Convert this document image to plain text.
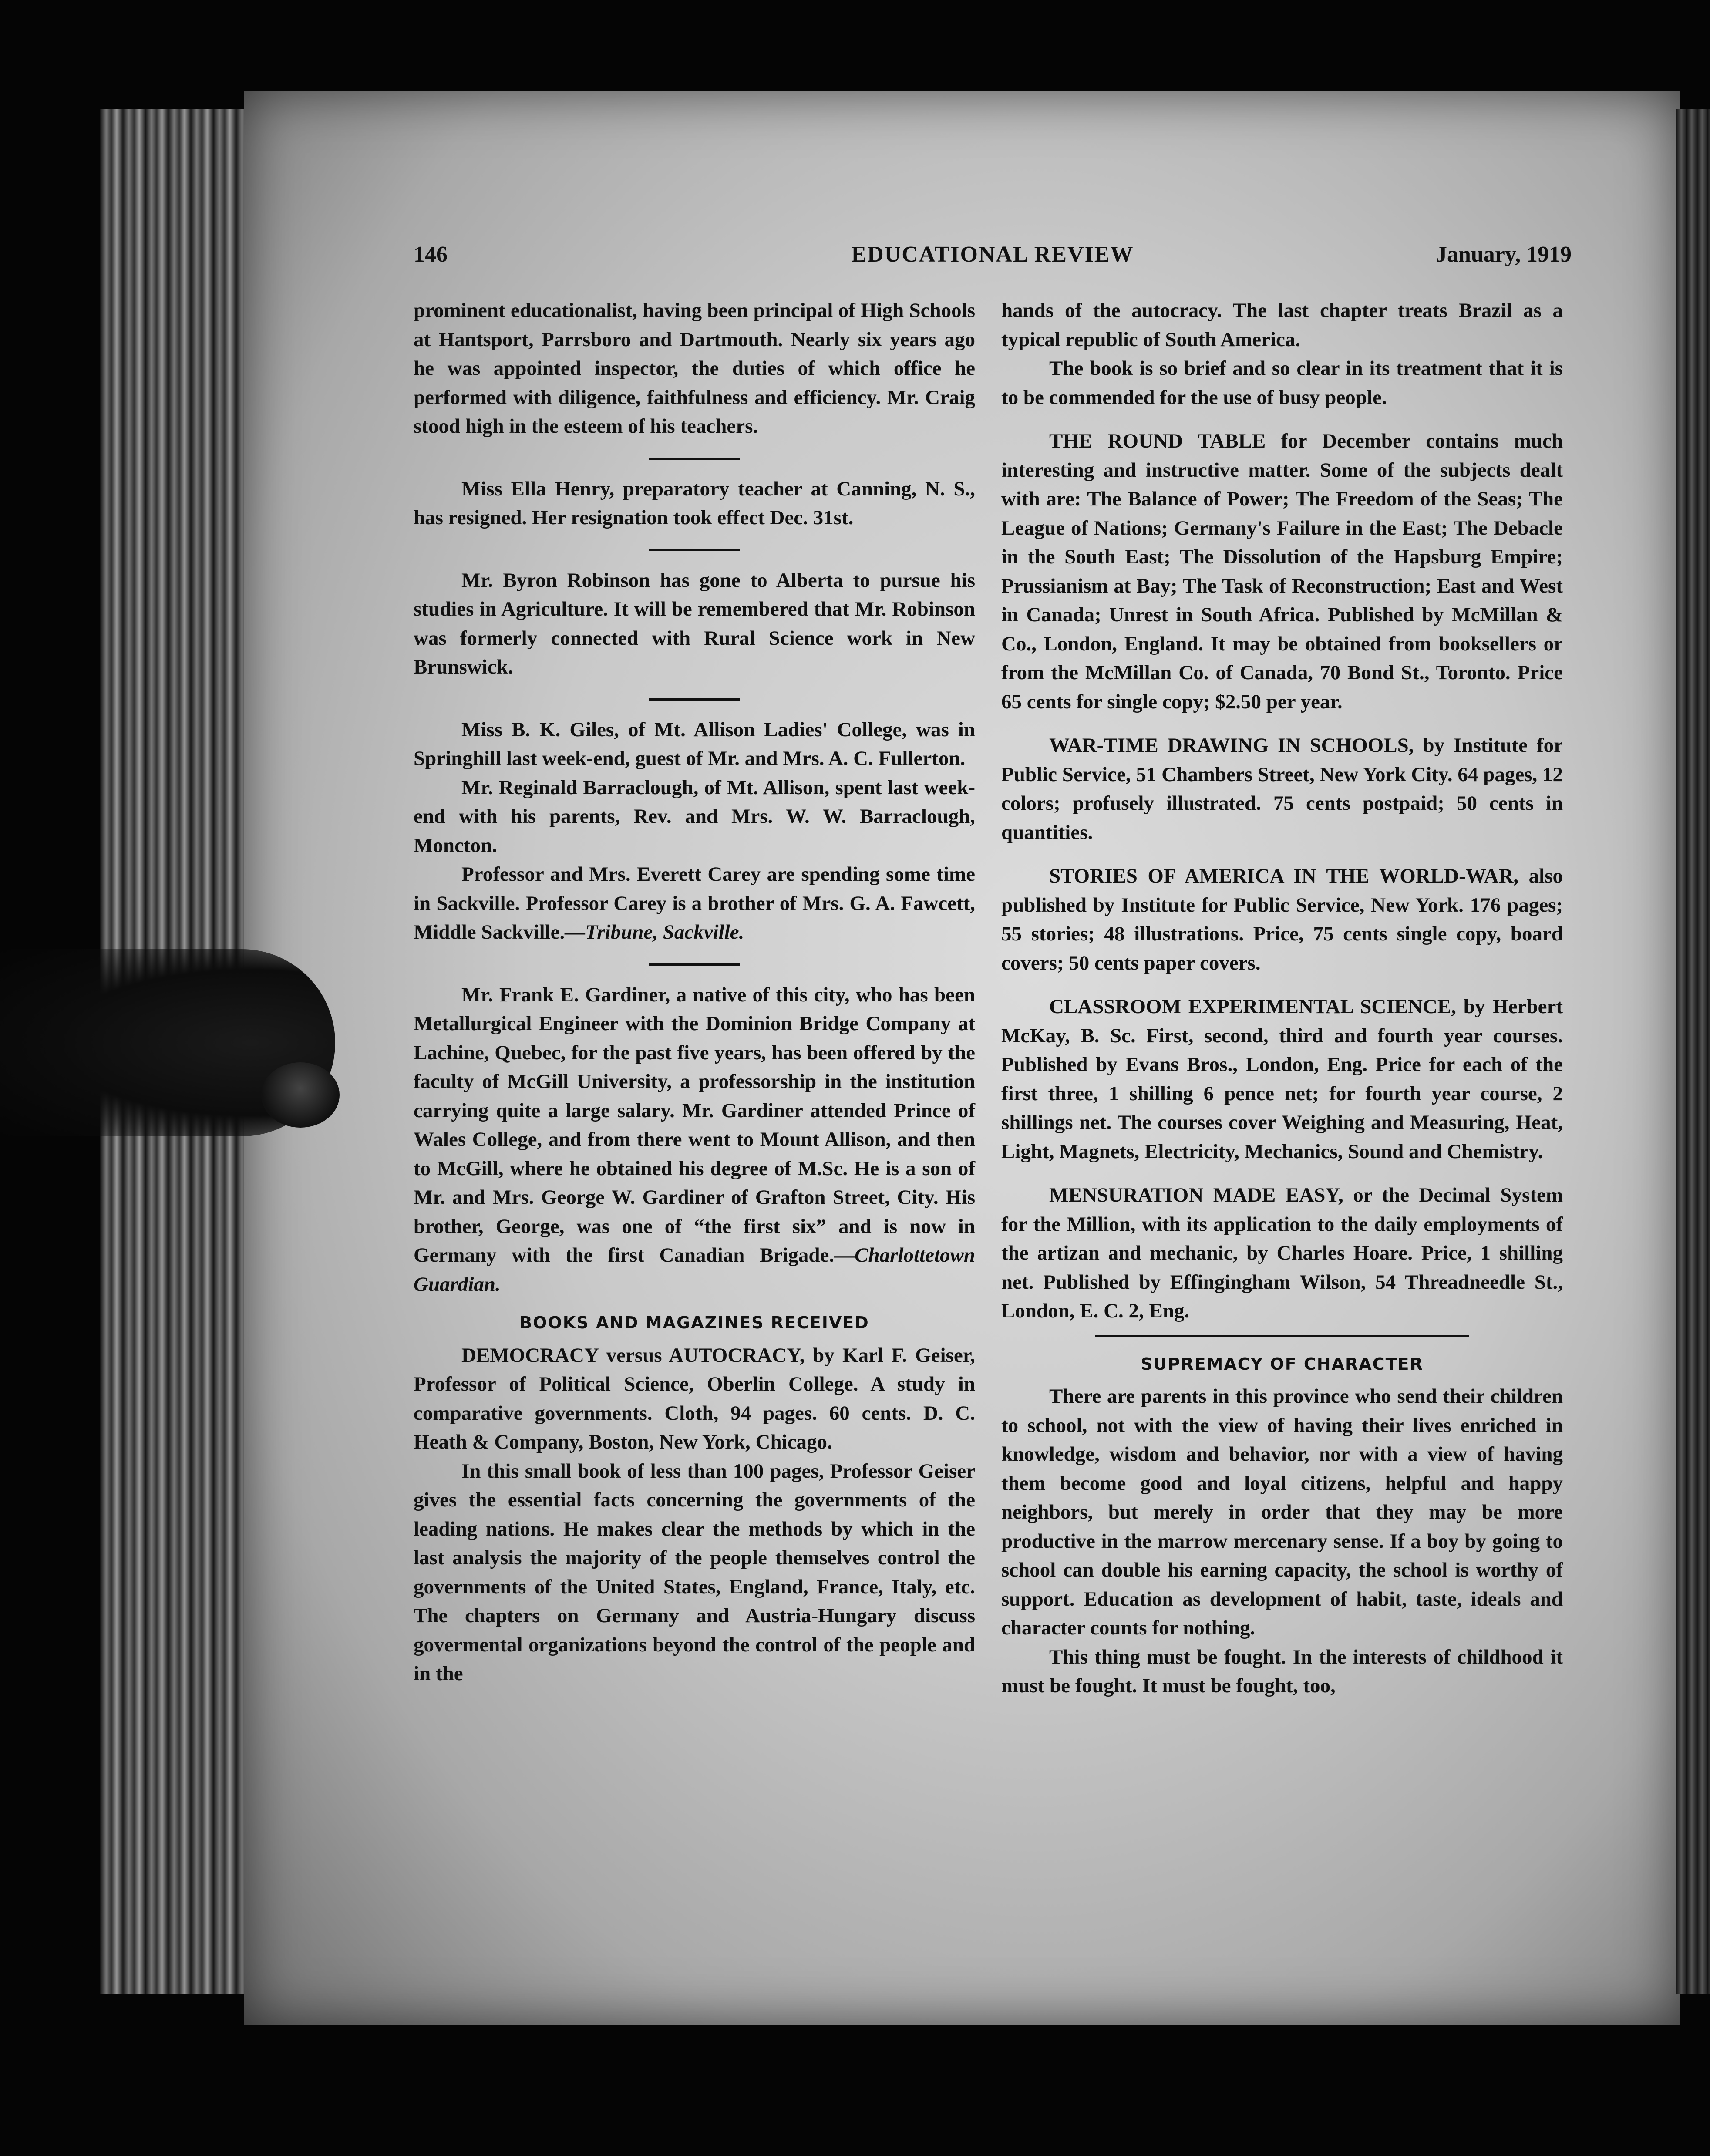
146	EDUCATIONAL REVIEW	January, 1919

prominent educationalist, having been principal of High Schools at Hantsport, Parrsboro and Dartmouth. Nearly six years ago he was appointed inspector, the duties of which office he performed with diligence, faithfulness and efficiency. Mr. Craig stood high in the esteem of his teachers.

Miss Ella Henry, preparatory teacher at Canning, N. S., has resigned. Her resignation took effect Dec. 31st.

Mr. Byron Robinson has gone to Alberta to pursue his studies in Agriculture. It will be remembered that Mr. Robinson was formerly connected with Rural Science work in New Brunswick.

Miss B. K. Giles, of Mt. Allison Ladies' College, was in Springhill last week-end, guest of Mr. and Mrs. A. C. Fullerton.

Mr. Reginald Barraclough, of Mt. Allison, spent last week-end with his parents, Rev. and Mrs. W. W. Barraclough, Moncton.

Professor and Mrs. Everett Carey are spending some time in Sackville. Professor Carey is a brother of Mrs. G. A. Fawcett, Middle Sackville.—Tribune, Sackville.

Mr. Frank E. Gardiner, a native of this city, who has been Metallurgical Engineer with the Dominion Bridge Company at Lachine, Quebec, for the past five years, has been offered by the faculty of McGill University, a professorship in the institution carrying quite a large salary. Mr. Gardiner attended Prince of Wales College, and from there went to Mount Allison, and then to McGill, where he obtained his degree of M.Sc. He is a son of Mr. and Mrs. George W. Gardiner of Grafton Street, City. His brother, George, was one of “the first six” and is now in Germany with the first Canadian Brigade.—Charlottetown Guardian.

BOOKS AND MAGAZINES RECEIVED

DEMOCRACY versus AUTOCRACY, by Karl F. Geiser, Professor of Political Science, Oberlin College. A study in comparative governments. Cloth, 94 pages. 60 cents. D. C. Heath & Company, Boston, New York, Chicago.

In this small book of less than 100 pages, Professor Geiser gives the essential facts concerning the governments of the leading nations. He makes clear the methods by which in the last analysis the majority of the people themselves control the governments of the United States, England, France, Italy, etc. The chapters on Germany and Austria-Hungary discuss govermental organizations beyond the control of the people and in the

hands of the autocracy. The last chapter treats Brazil as a typical republic of South America.

The book is so brief and so clear in its treatment that it is to be commended for the use of busy people.

THE ROUND TABLE for December contains much interesting and instructive matter. Some of the subjects dealt with are: The Balance of Power; The Freedom of the Seas; The League of Nations; Germany's Failure in the East; The Debacle in the South East; The Dissolution of the Hapsburg Empire; Prussianism at Bay; The Task of Reconstruction; East and West in Canada; Unrest in South Africa. Published by McMillan & Co., London, England. It may be obtained from booksellers or from the McMillan Co. of Canada, 70 Bond St., Toronto. Price 65 cents for single copy; $2.50 per year.

WAR-TIME DRAWING IN SCHOOLS, by Institute for Public Service, 51 Chambers Street, New York City. 64 pages, 12 colors; profusely illustrated. 75 cents postpaid; 50 cents in quantities.

STORIES OF AMERICA IN THE WORLD-WAR, also published by Institute for Public Service, New York. 176 pages; 55 stories; 48 illustrations. Price, 75 cents single copy, board covers; 50 cents paper covers.

CLASSROOM EXPERIMENTAL SCIENCE, by Herbert McKay, B. Sc. First, second, third and fourth year courses. Published by Evans Bros., London, Eng. Price for each of the first three, 1 shilling 6 pence net; for fourth year course, 2 shillings net. The courses cover Weighing and Measuring, Heat, Light, Magnets, Electricity, Mechanics, Sound and Chemistry.

MENSURATION MADE EASY, or the Decimal System for the Million, with its application to the daily employments of the artizan and mechanic, by Charles Hoare. Price, 1 shilling net. Published by Effingingham Wilson, 54 Threadneedle St., London, E. C. 2, Eng.

SUPREMACY OF CHARACTER

There are parents in this province who send their children to school, not with the view of having their lives enriched in knowledge, wisdom and behavior, nor with a view of having them become good and loyal citizens, helpful and happy neighbors, but merely in order that they may be more productive in the marrow mercenary sense. If a boy by going to school can double his earning capacity, the school is worthy of support. Education as development of habit, taste, ideals and character counts for nothing.

This thing must be fought. In the interests of childhood it must be fought. It must be fought, too,
